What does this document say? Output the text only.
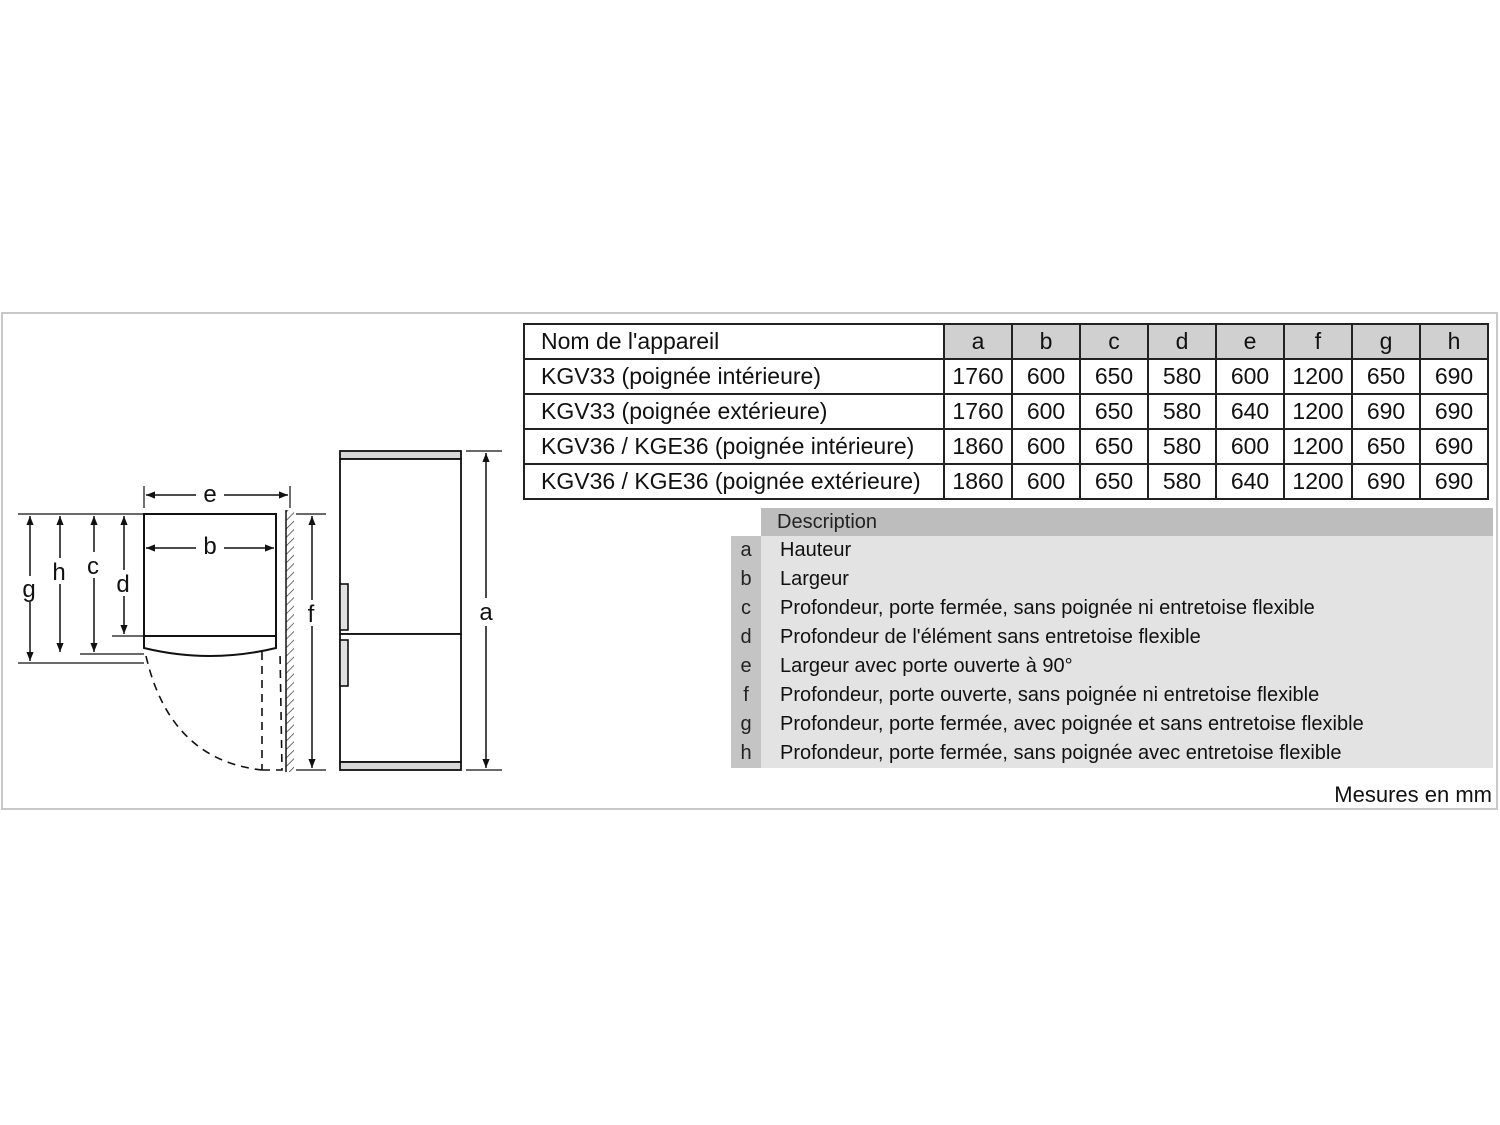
e
b
g
h c
d
f	a
Nom de l'appareil	a	b	c	d	e	f	g	h
KGV33 (poignée intérieure)	1760	600	650	580	600	1200	650	690
KGV33 (poignée extérieure)	1760	600	650	580	640	1200	690	690
KGV36 / KGE36 (poignée intérieure)	1860	600	650	580	600	1200	650	690
KGV36 / KGE36 (poignée extérieure)	1860	600	650	580	640	1200	690	690
Description
a	Hauteur
b	Largeur
c	Profondeur, porte fermée, sans poignée ni entretoise flexible
d	Profondeur de l'élément sans entretoise flexible
e	Largeur avec porte ouverte à 90°
f	Profondeur, porte ouverte, sans poignée ni entretoise flexible
g	Profondeur, porte fermée, avec poignée et sans entretoise flexible
h	Profondeur, porte fermée, sans poignée avec entretoise flexible
Mesures en mm
